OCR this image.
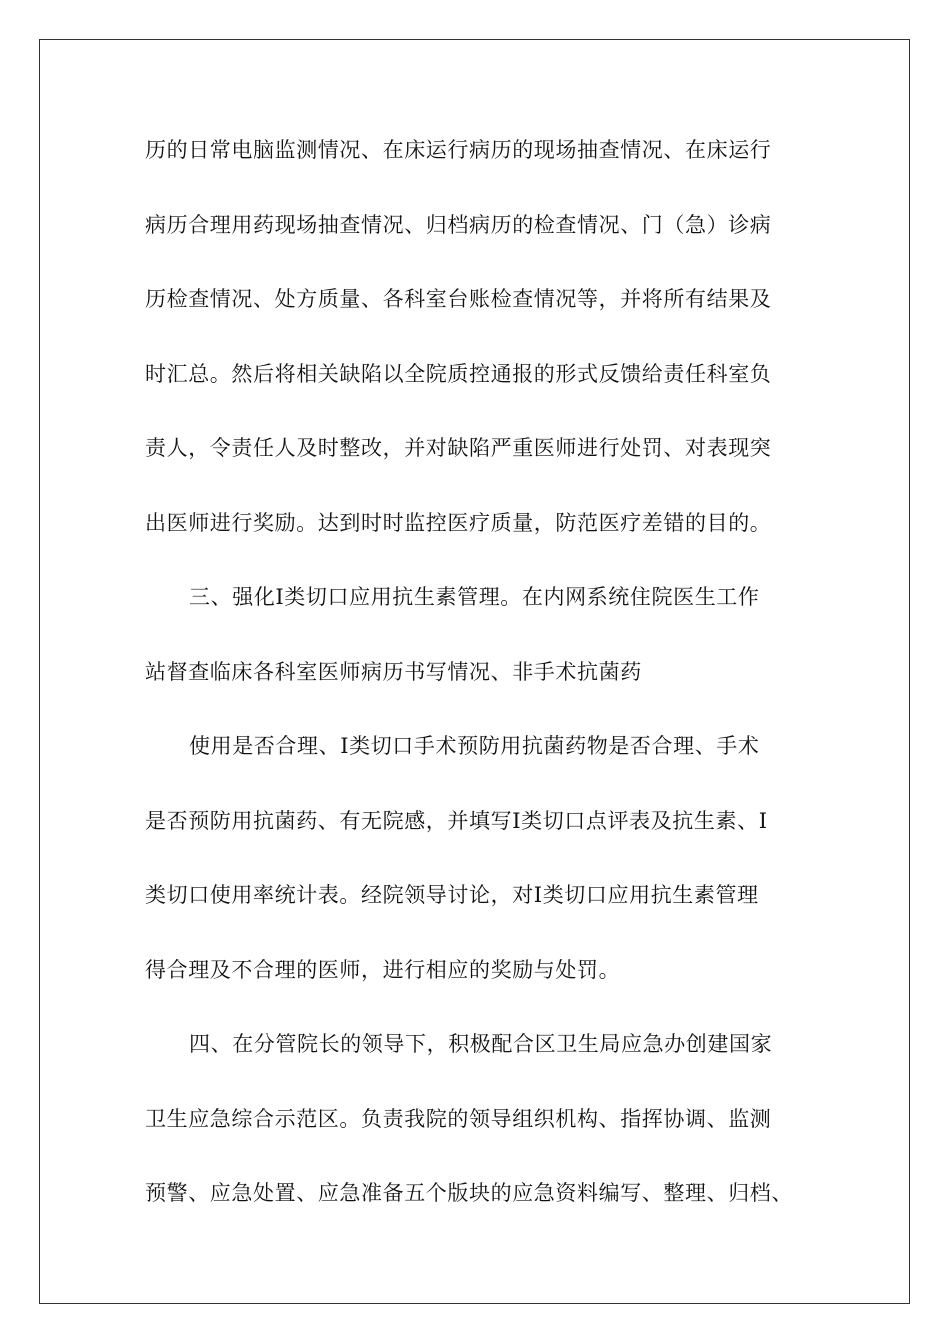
历的日常电脑监测情况、在床运行病历的现场抽查情况、在床运行
病历合理用药现场抽查情况、归档病历的检查情况、门（急）诊病
历检查情况、处方质量、各科室台账检查情况等，并将所有结果及
时汇总。然后将相关缺陷以全院质控通报的形式反馈给责任科室负
责人，令责任人及时整改，并对缺陷严重医师进行处罚、对表现突
出医师进行奖励。达到时时监控医疗质量，防范医疗差错的目的。
三、强化Ⅰ类切口应用抗生素管理。在内网系统住院医生工作
站督查临床各科室医师病历书写情况、非手术抗菌药
使用是否合理、Ⅰ类切口手术预防用抗菌药物是否合理、手术
是否预防用抗菌药、有无院感，并填写Ⅰ类切口点评表及抗生素、Ⅰ
类切口使用率统计表。经院领导讨论，对Ⅰ类切口应用抗生素管理
得合理及不合理的医师，进行相应的奖励与处罚。
四、在分管院长的领导下，积极配合区卫生局应急办创建国家
卫生应急综合示范区。负责我院的领导组织机构、指挥协调、监测
预警、应急处置、应急准备五个版块的应急资料编写、整理、归档、
